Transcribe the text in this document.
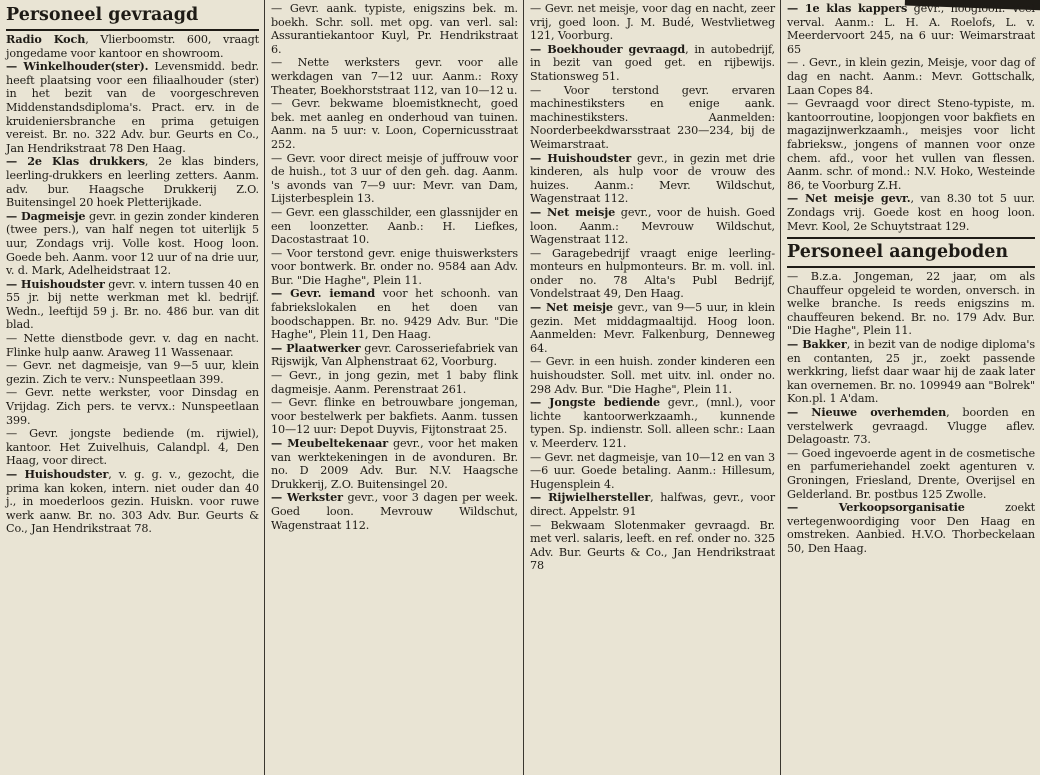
Personeel gevraagd

Radio Koch, Vlierboomstr. 600, vraagt jongedame voor kantoor en showroom.

— Winkelhouder(ster). Levensmidd. bedr. heeft plaatsing voor een filiaalhouder (ster) in het bezit van de voorgeschreven Middenstandsdiploma's. Pract. erv. in de kruideniersbranche en prima getuigen vereist. Br. no. 322 Adv. bur. Geurts en Co., Jan Hendrikstraat 78 Den Haag.

— 2e Klas drukkers, 2e klas binders, leerling-drukkers en leerling zetters. Aanm. adv. bur. Haagsche Drukkerij Z.O. Buitensingel 20 hoek Pletterijkade.

— Dagmeisje gevr. in gezin zonder kinderen (twee pers.), van half negen tot uiterlijk 5 uur, Zondags vrij. Volle kost. Hoog loon. Goede beh. Aanm. voor 12 uur of na drie uur, v. d. Mark, Adelheidstraat 12.

— Huishoudster gevr. v. intern tussen 40 en 55 jr. bij nette werkman met kl. bedrijf. Wedn., leeftijd 59 j. Br. no. 486 bur. van dit blad.

— Nette dienstbode gevr. v. dag en nacht. Flinke hulp aanw. Araweg 11 Wassenaar.

— Gevr. net dagmeisje, van 9—5 uur, klein gezin. Zich te verv.: Nunspeetlaan 399.

— Gevr. nette werkster, voor Dinsdag en Vrijdag. Zich pers. te vervx.: Nunspeetlaan 399.

— Gevr. jongste bediende (m. rijwiel), kantoor. Het Zuivelhuis, Calandpl. 4, Den Haag, voor direct.

— Huishoudster, v. g. g. v., gezocht, die prima kan koken, intern. niet ouder dan 40 j., in moederloos gezin. Huiskn. voor ruwe werk aanw. Br. no. 303 Adv. Bur. Geurts & Co., Jan Hendrikstraat 78.

— Gevr. aank. typiste, enigszins bek. m. boekh. Schr. soll. met opg. van verl. sal: Assurantiekantoor Kuyl, Pr. Hendrikstraat 6.

— Nette werksters gevr. voor alle werkdagen van 7—12 uur. Aanm.: Roxy Theater, Boekhorststraat 112, van 10—12 u.

— Gevr. bekwame bloemistknecht, goed bek. met aanleg en onderhoud van tuinen. Aanm. na 5 uur: v. Loon, Copernicusstraat 252.

— Gevr. voor direct meisje of juffrouw voor de huish., tot 3 uur of den geh. dag. Aanm. 's avonds van 7—9 uur: Mevr. van Dam, Lijsterbesplein 13.

— Gevr. een glasschilder, een glassnijder en een loonzetter. Aanb.: H. Liefkes, Dacostastraat 10.

— Voor terstond gevr. enige thuiswerksters voor bontwerk. Br. onder no. 9584 aan Adv. Bur. "Die Haghe", Plein 11.

— Gevr. iemand voor het schoonh. van fabriekslokalen en het doen van boodschappen. Br. no. 9429 Adv. Bur. "Die Haghe", Plein 11, Den Haag.

— Plaatwerker gevr. Carosseriefabriek van Rijswijk, Van Alphenstraat 62, Voorburg.

— Gevr., in jong gezin, met 1 baby flink dagmeisje. Aanm. Perenstraat 261.

— Gevr. flinke en betrouwbare jongeman, voor bestelwerk per bakfiets. Aanm. tussen 10—12 uur: Depot Duyvis, Fijtonstraat 25.

— Meubeltekenaar gevr., voor het maken van werktekeningen in de avonduren. Br. no. D 2009 Adv. Bur. N.V. Haagsche Drukkerij, Z.O. Buitensingel 20.

— Werkster gevr., voor 3 dagen per week. Goed loon. Mevrouw Wildschut, Wagenstraat 112.

— Gevr. net meisje, voor dag en nacht, zeer vrij, goed loon. J. M. Budé, Westvlietweg 121, Voorburg.

— Boekhouder gevraagd, in autobedrijf, in bezit van goed get. en rijbewijs. Stationsweg 51.

— Voor terstond gevr. ervaren machinestiksters en enige aank. machinestiksters. Aanmelden: Noorderbeekdwarsstraat 230—234, bij de Weimarstraat.

— Huishoudster gevr., in gezin met drie kinderen, als hulp voor de vrouw des huizes. Aanm.: Mevr. Wildschut, Wagenstraat 112.

— Net meisje gevr., voor de huish. Goed loon. Aanm.: Mevrouw Wildschut, Wagenstraat 112.

— Garagebedrijf vraagt enige leerling-monteurs en hulpmonteurs. Br. m. voll. inl. onder no. 78 Alta's Publ Bedrijf, Vondelstraat 49, Den Haag.

— Net meisje gevr., van 9—5 uur, in klein gezin. Met middagmaaltijd. Hoog loon. Aanmelden: Mevr. Falkenburg, Denneweg 64.

— Gevr. in een huish. zonder kinderen een huishoudster. Soll. met uitv. inl. onder no. 298 Adv. Bur. "Die Haghe", Plein 11.

— Jongste bediende gevr., (mnl.), voor lichte kantoorwerkzaamh., kunnende typen. Sp. indienstr. Soll. alleen schr.: Laan v. Meerderv. 121.

— Gevr. net dagmeisje, van 10—12 en van 3—6 uur. Goede betaling. Aanm.: Hillesum, Hugensplein 4.

— Rijwielhersteller, halfwas, gevr., voor direct. Appelstr. 91

— Bekwaam Slotenmaker gevraagd. Br. met verl. salaris, leeft. en ref. onder no. 325 Adv. Bur. Geurts & Co., Jan Hendrikstraat 78

— 1e klas kappers gevr., hoogloon. Veel verval. Aanm.: L. H. A. Roelofs, L. v. Meerdervoort 245, na 6 uur: Weimarstraat 65

— . Gevr., in klein gezin, Meisje, voor dag of dag en nacht. Aanm.: Mevr. Gottschalk, Laan Copes 84.

— Gevraagd voor direct Steno-typiste, m. kantoorroutine, loopjongen voor bakfiets en magazijnwerkzaamh., meisjes voor licht fabrieksw., jongens of mannen voor onze chem. afd., voor het vullen van flessen. Aanm. schr. of mond.: N.V. Hoko, Westeinde 86, te Voorburg Z.H.

— Net meisje gevr., van 8.30 tot 5 uur. Zondags vrij. Goede kost en hoog loon. Mevr. Kool, 2e Schuytstraat 129.

Personeel aangeboden

— B.z.a. Jongeman, 22 jaar, om als Chauffeur opgeleid te worden, onversch. in welke branche. Is reeds enigszins m. chauffeuren bekend. Br. no. 179 Adv. Bur. "Die Haghe", Plein 11.

— Bakker, in bezit van de nodige diploma's en contanten, 25 jr., zoekt passende werkkring, liefst daar waar hij de zaak later kan overnemen. Br. no. 109949 aan "Bolrek" Kon.pl. 1 A'dam.

— Nieuwe overhemden, boorden en verstelwerk gevraagd. Vlugge aflev. Delagoastr. 73.

— Goed ingevoerde agent in de cosmetische en parfumeriehandel zoekt agenturen v. Groningen, Friesland, Drente, Overijsel en Gelderland. Br. postbus 125 Zwolle.

— Verkoopsorganisatie zoekt vertegenwoordiging voor Den Haag en omstreken. Aanbied. H.V.O. Thorbeckelaan 50, Den Haag.
